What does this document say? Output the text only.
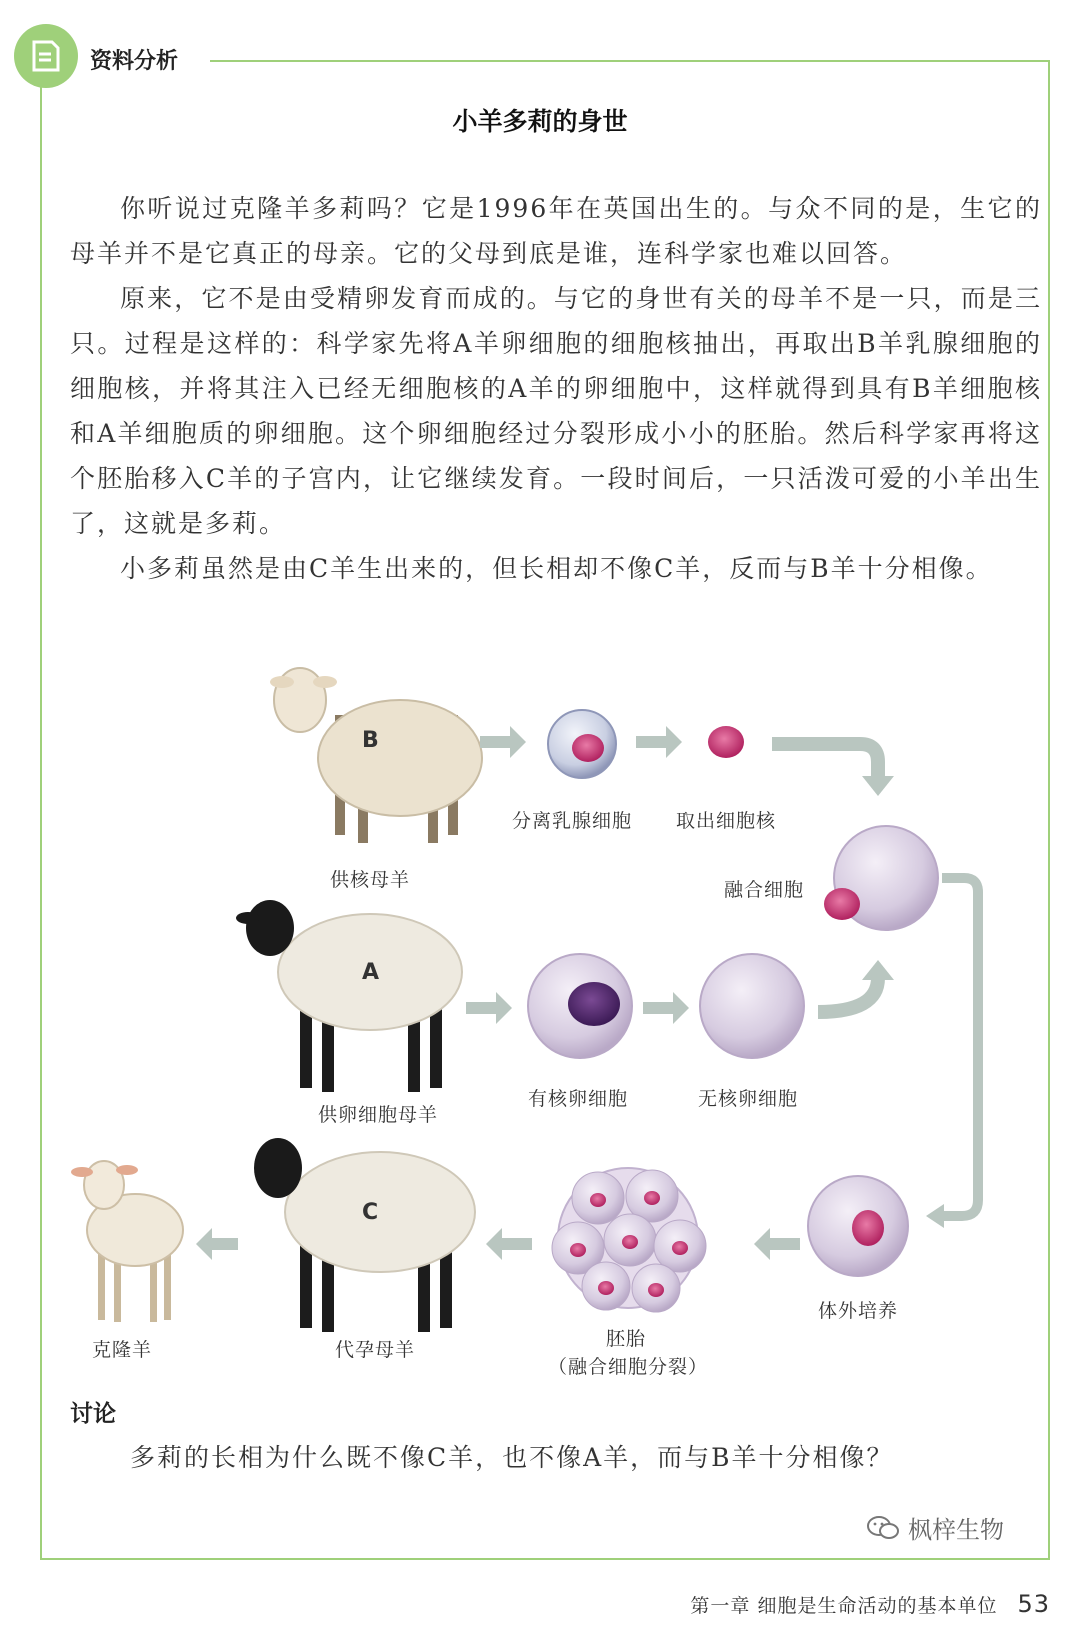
资料分析
小羊多莉的身世

你听说过克隆羊多莉吗？它是1996年在英国出生的。与众不同的是，生它的母羊并不是它真正的母亲。它的父母到底是谁，连科学家也难以回答。

原来，它不是由受精卵发育而成的。与它的身世有关的母羊不是一只，而是三只。过程是这样的：科学家先将A羊卵细胞的细胞核抽出，再取出B羊乳腺细胞的细胞核，并将其注入已经无细胞核的A羊的卵细胞中，这样就得到具有B羊细胞核和A羊细胞质的卵细胞。这个卵细胞经过分裂形成小小的胚胎。然后科学家再将这个胚胎移入C羊的子宫内，让它继续发育。一段时间后，一只活泼可爱的小羊出生了，这就是多莉。

小多莉虽然是由C羊生出来的，但长相却不像C羊，反而与B羊十分相像。

B
A
C
供核母羊
供卵细胞母羊
代孕母羊
克隆羊
分离乳腺细胞 取出细胞核
融合细胞
有核卵细胞	无核卵细胞
体外培养
胚胎
（融合细胞分裂）
讨论
多莉的长相为什么既不像C羊，也不像A羊，而与B羊十分相像？
枫梓生物
第一章 细胞是生命活动的基本单位 53
